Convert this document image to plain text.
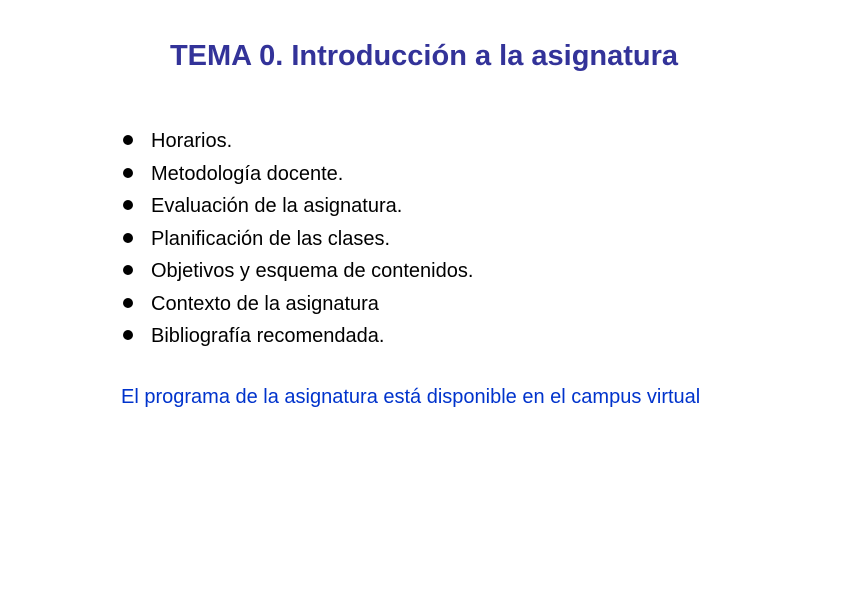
TEMA 0. Introducción a la asignatura
Horarios.
Metodología docente.
Evaluación de la asignatura.
Planificación de las clases.
Objetivos y esquema de contenidos.
Contexto de la asignatura
Bibliografía recomendada.

El programa de la asignatura está disponible en el campus virtual
